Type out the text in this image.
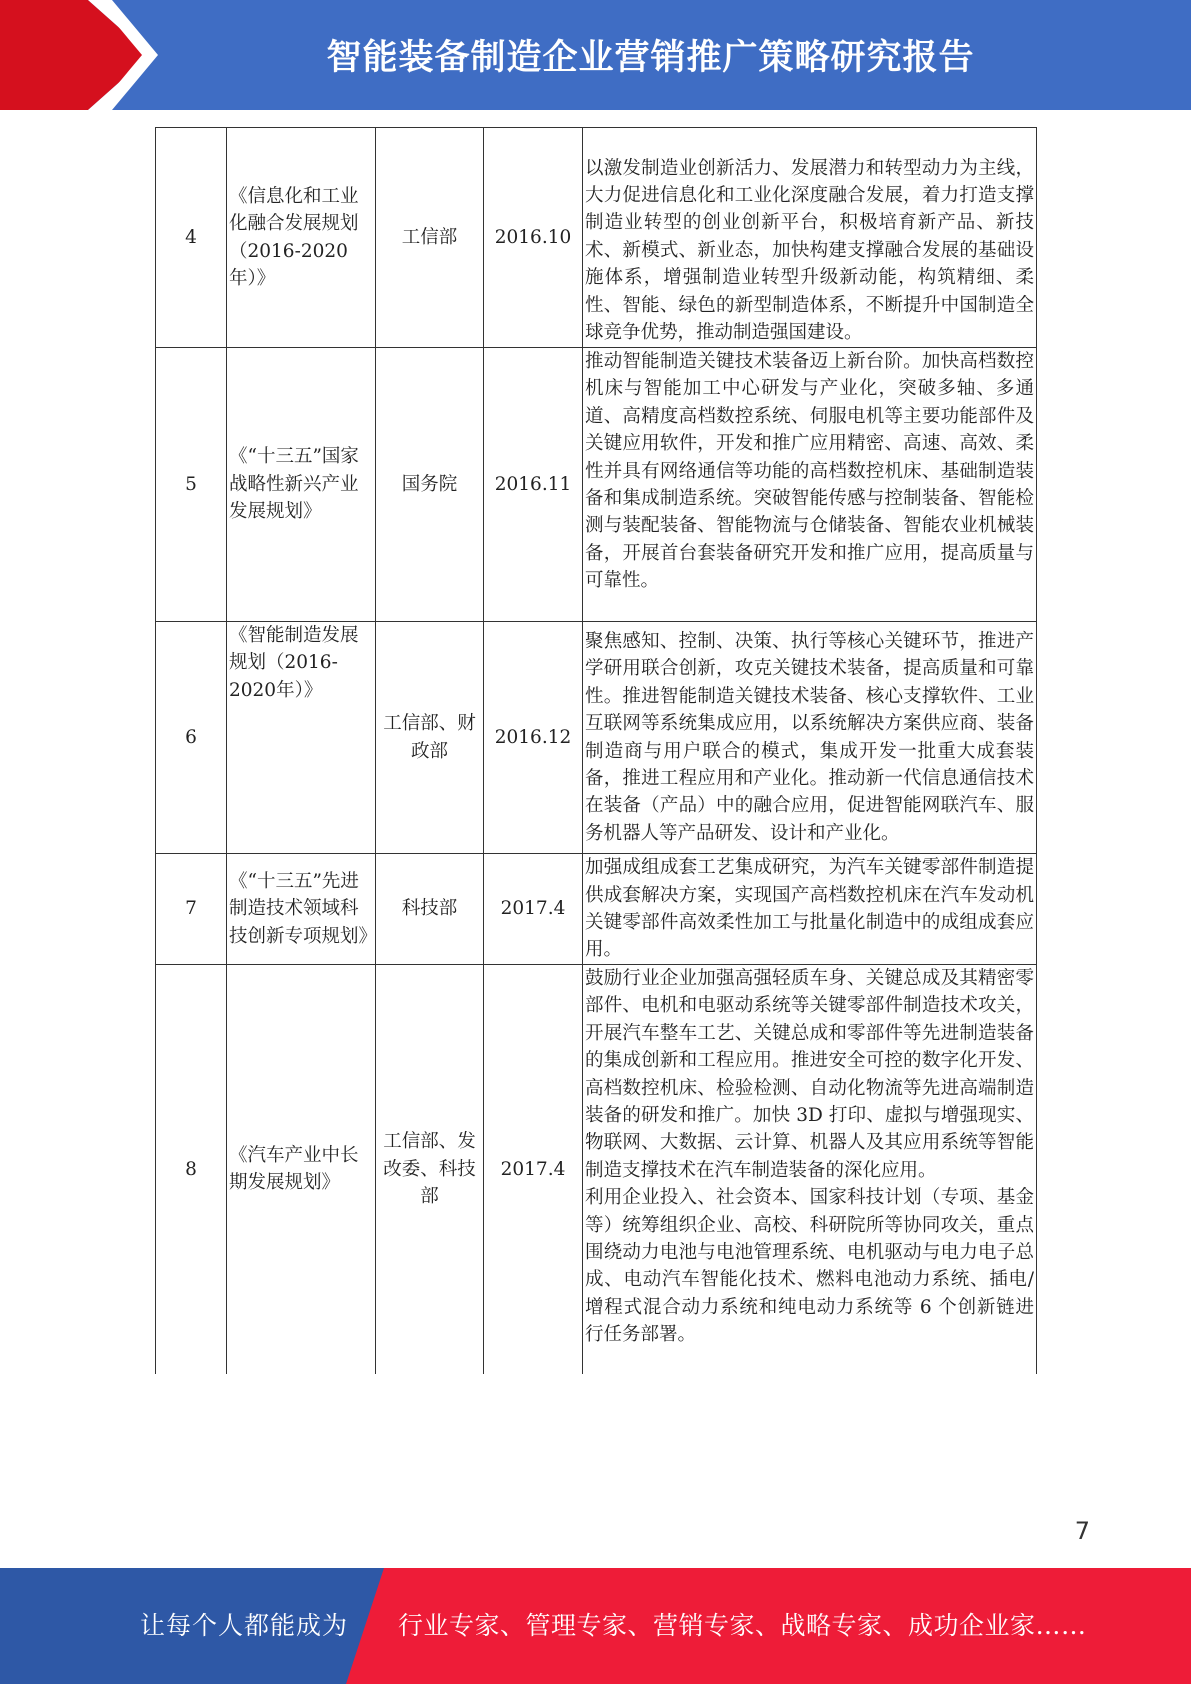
智能装备制造企业营销推广策略研究报告
4	《信息化和工业化融合发展规划（2016-2020年）》	工信部	2016.10	以激发制造业创新活力、发展潜力和转型动力为主线，大力促进信息化和工业化深度融合发展，着力打造支撑制造业转型的创业创新平台，积极培育新产品、新技术、新模式、新业态，加快构建支撑融合发展的基础设施体系，增强制造业转型升级新动能，构筑精细、柔性、智能、绿色的新型制造体系，不断提升中国制造全球竞争优势，推动制造强国建设。

5	《“十三五”国家战略性新兴产业发展规划》	国务院	2016.11	推动智能制造关键技术装备迈上新台阶。加快高档数控机床与智能加工中心研发与产业化，突破多轴、多通道、高精度高档数控系统、伺服电机等主要功能部件及关键应用软件，开发和推广应用精密、高速、高效、柔性并具有网络通信等功能的高档数控机床、基础制造装备和集成制造系统。突破智能传感与控制装备、智能检测与装配装备、智能物流与仓储装备、智能农业机械装备，开展首台套装备研究开发和推广应用，提高质量与可靠性。

6	《智能制造发展规划（2016-2020年）》	工信部、财政部	2016.12	聚焦感知、控制、决策、执行等核心关键环节，推进产学研用联合创新，攻克关键技术装备，提高质量和可靠性。推进智能制造关键技术装备、核心支撑软件、工业互联网等系统集成应用，以系统解决方案供应商、装备制造商与用户联合的模式，集成开发一批重大成套装备，推进工程应用和产业化。推动新一代信息通信技术在装备（产品）中的融合应用，促进智能网联汽车、服务机器人等产品研发、设计和产业化。

7	《“十三五”先进制造技术领域科技创新专项规划》	科技部	2017.4	加强成组成套工艺集成研究，为汽车关键零部件制造提供成套解决方案，实现国产高档数控机床在汽车发动机关键零部件高效柔性加工与批量化制造中的成组成套应用。

8	《汽车产业中长期发展规划》	工信部、发改委、科技部	2017.4	鼓励行业企业加强高强轻质车身、关键总成及其精密零部件、电机和电驱动系统等关键零部件制造技术攻关，开展汽车整车工艺、关键总成和零部件等先进制造装备的集成创新和工程应用。推进安全可控的数字化开发、高档数控机床、检验检测、自动化物流等先进高端制造装备的研发和推广。加快 3D 打印、虚拟与增强现实、物联网、大数据、云计算、机器人及其应用系统等智能制造支撑技术在汽车制造装备的深化应用。
利用企业投入、社会资本、国家科技计划（专项、基金等）统筹组织企业、高校、科研院所等协同攻关，重点围绕动力电池与电池管理系统、电机驱动与电力电子总成、电动汽车智能化技术、燃料电池动力系统、插电/增程式混合动力系统和纯电动力系统等 6 个创新链进行任务部署。
7
让每个人都能成为 行业专家、管理专家、营销专家、战略专家、成功企业家……
